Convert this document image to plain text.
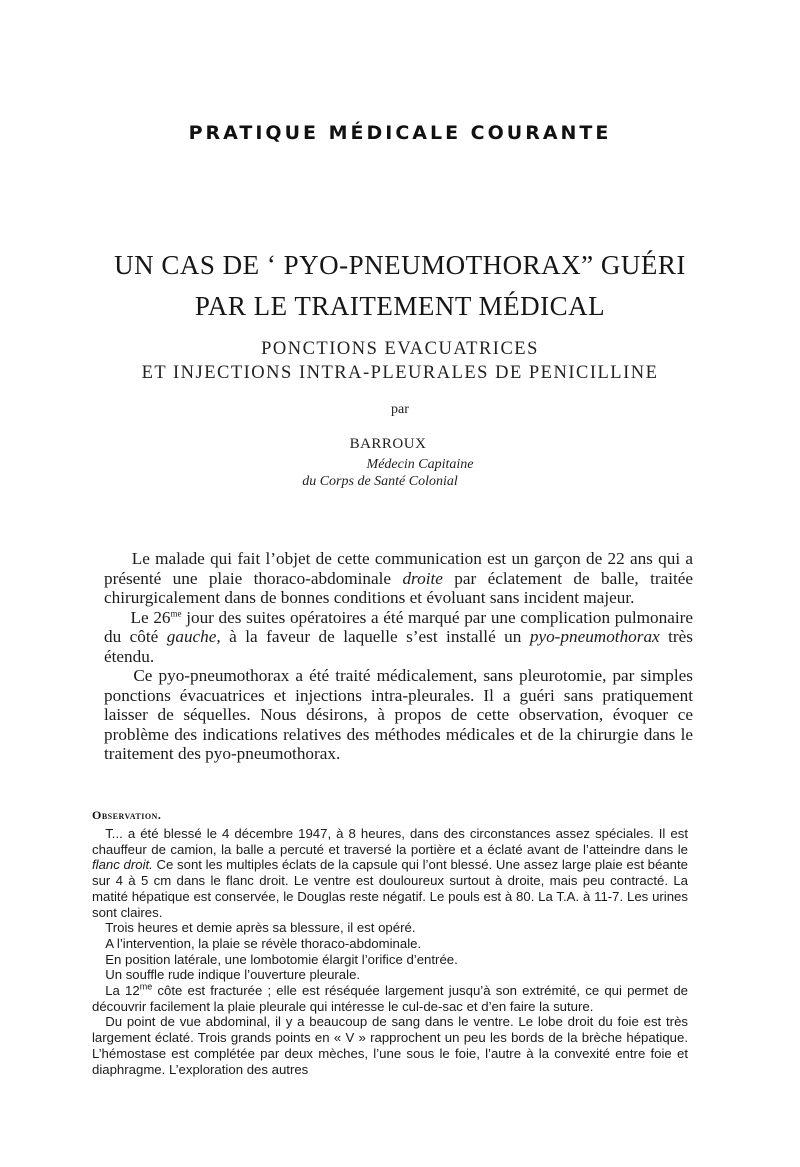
PRATIQUE MÉDICALE COURANTE
UN CAS DE ‘ PYO-PNEUMOTHORAX” GUÉRI
PAR LE TRAITEMENT MÉDICAL
PONCTIONS EVACUATRICES
ET INJECTIONS INTRA-PLEURALES DE PENICILLINE
par
BARROUX
Médecin Capitaine
du Corps de Santé Colonial

   Le malade qui fait l’objet de cette communication est un garçon de 22 ans qui a présenté une plaie thoraco-abdominale droite par éclatement de balle, traitée chirurgicalement dans de bonnes conditions et évoluant sans incident majeur.

   Le $26^{me}$ jour des suites opératoires a été marqué par une complication pulmonaire du côté gauche, à la faveur de laquelle s’est installé un pyo-pneumothorax très étendu.

   Ce pyo-pneumothorax a été traité médicalement, sans pleurotomie, par simples ponctions évacuatrices et injections intra-pleurales. Il a guéri sans pratiquement laisser de séquelles. Nous désirons, à propos de cette observation, évoquer ce problème des indications relatives des méthodes médicales et de la chirurgie dans le traitement des pyo-pneumothorax.

Observation.

 T... a été blessé le 4 décembre 1947, à 8 heures, dans des circonstances assez spéciales. Il est chauffeur de camion, la balle a percuté et traversé la portière et a éclaté avant de l’atteindre dans le flanc droit. Ce sont les multiples éclats de la capsule qui l’ont blessé. Une assez large plaie est béante sur 4 à 5 cm dans le flanc droit. Le ventre est douloureux surtout à droite, mais peu contracté. La matité hépatique est conservée, le Douglas reste négatif. Le pouls est à 80. La T.A. à 11-7. Les urines sont claires.

 Trois heures et demie après sa blessure, il est opéré.

 A l’intervention, la plaie se révèle thoraco-abdominale.

 En position latérale, une lombotomie élargit l’orifice d’entrée.

 Un souffle rude indique l’ouverture pleurale.

 La $12^{me}$ côte est fracturée ; elle est réséquée largement jusqu’à son extrémité, ce qui permet de découvrir facilement la plaie pleurale qui intéresse le cul-de-sac et d’en faire la suture.

 Du point de vue abdominal, il y a beaucoup de sang dans le ventre. Le lobe droit du foie est très largement éclaté. Trois grands points en « V » rapprochent un peu les bords de la brèche hépatique. L’hémostase est complétée par deux mèches, l’une sous le foie, l’autre à la convexité entre foie et diaphragme. L’exploration des autres
